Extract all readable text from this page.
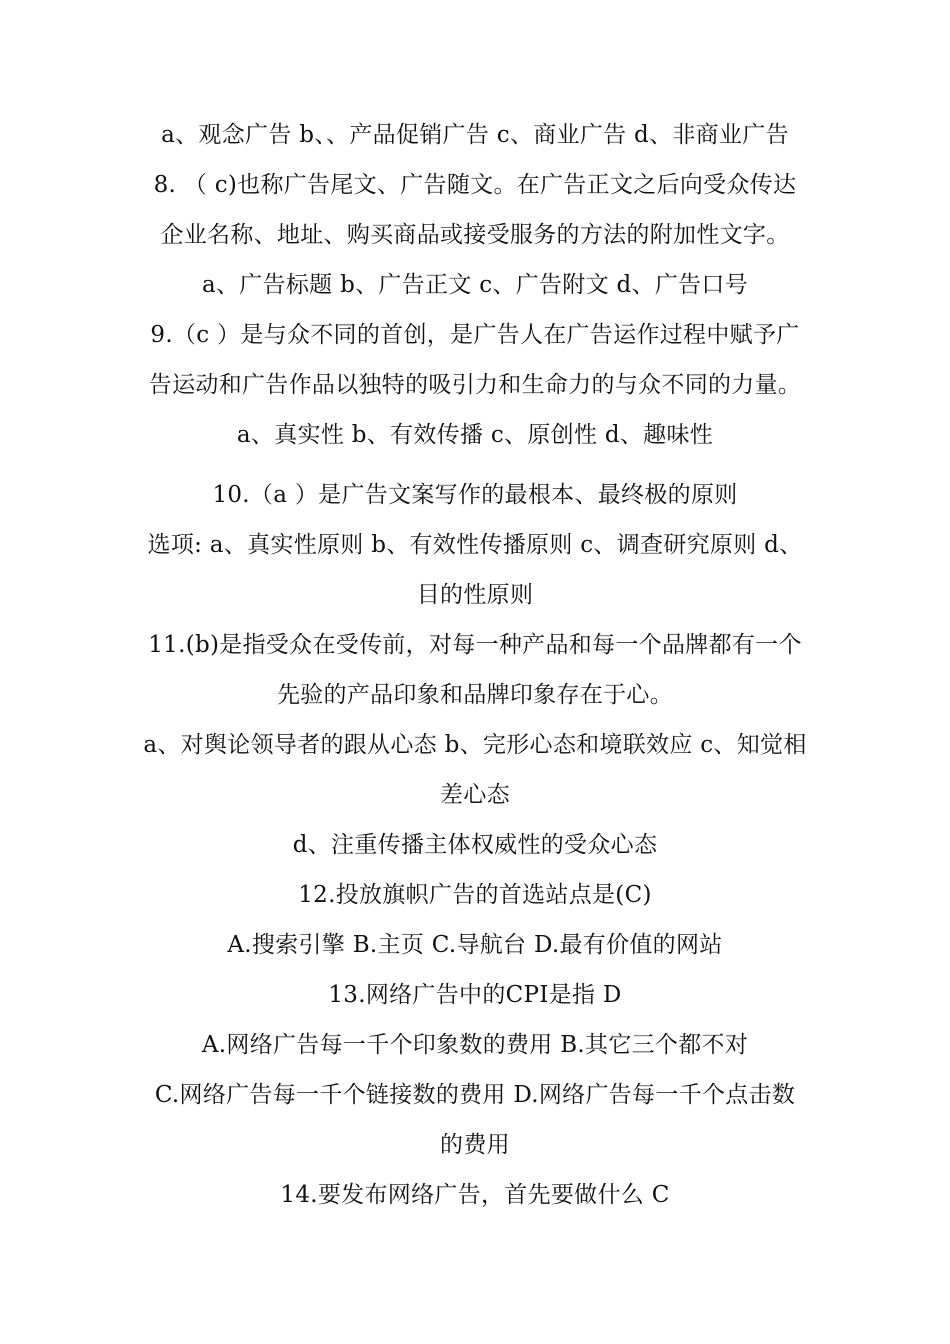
a、观念广告 b、、产品促销广告 c、商业广告 d、非商业广告
8. （ c)也称广告尾文、广告随文。在广告正文之后向受众传达
企业名称、地址、购买商品或接受服务的方法的附加性文字。
a、广告标题 b、广告正文 c、广告附文 d、广告口号
9.（c ）是与众不同的首创，是广告人在广告运作过程中赋予广
告运动和广告作品以独特的吸引力和生命力的与众不同的力量。
a、真实性 b、有效传播 c、原创性 d、趣味性
10.（a ）是广告文案写作的最根本、最终极的原则
选项: a、真实性原则 b、有效性传播原则 c、调查研究原则 d、
目的性原则
11.(b)是指受众在受传前，对每一种产品和每一个品牌都有一个
先验的产品印象和品牌印象存在于心。
a、对舆论领导者的跟从心态 b、完形心态和境联效应 c、知觉相
差心态
d、注重传播主体权威性的受众心态
12.投放旗帜广告的首选站点是(C)
A.搜索引擎 B.主页 C.导航台 D.最有价值的网站
13.网络广告中的CPI是指 D
A.网络广告每一千个印象数的费用 B.其它三个都不对
C.网络广告每一千个链接数的费用 D.网络广告每一千个点击数
的费用
14.要发布网络广告，首先要做什么 C
